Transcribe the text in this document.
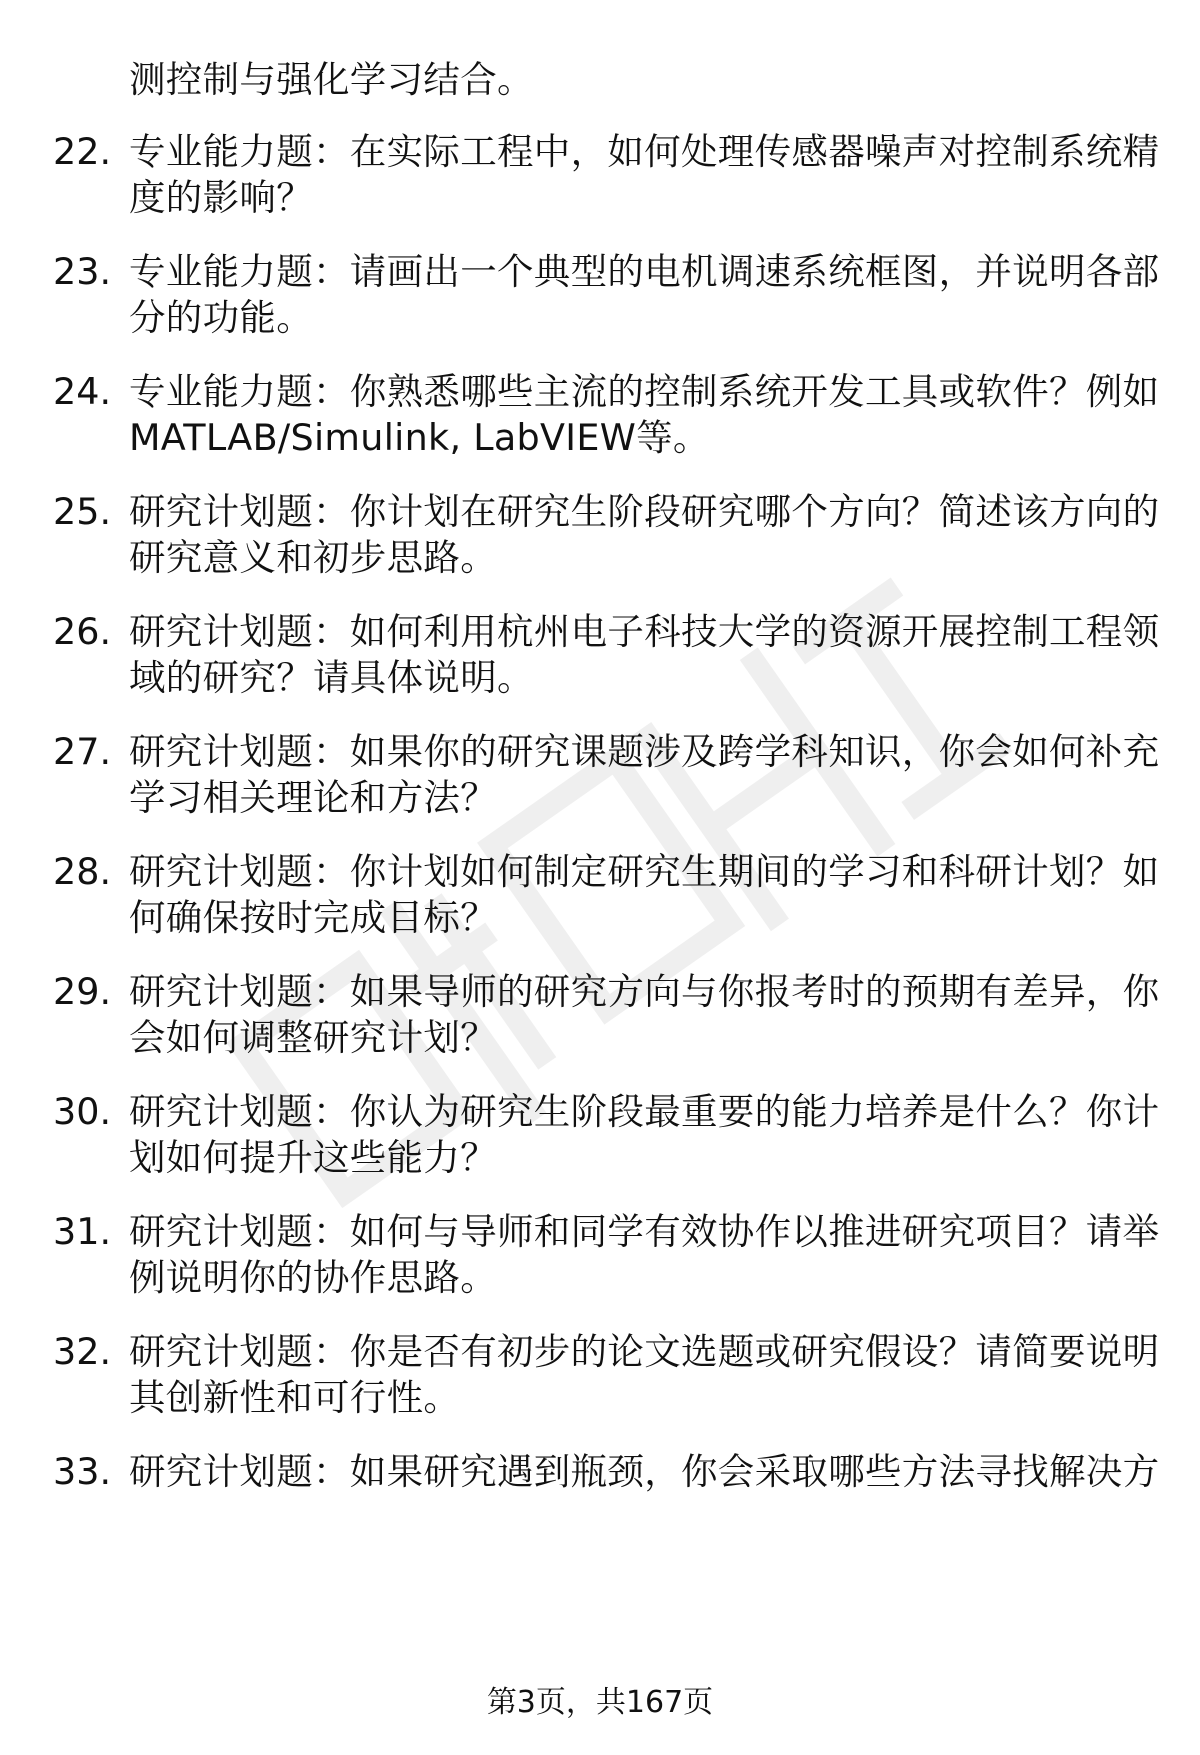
测控制与强化学习结合。
22. 专业能力题：在实际工程中，如何处理传感器噪声对控制系统精
度的影响？
23. 专业能力题：请画出一个典型的电机调速系统框图，并说明各部
分的功能。
24. 专业能力题：你熟悉哪些主流的控制系统开发工具或软件？例如
MATLAB/Simulink, LabVIEW等。
25. 研究计划题：你计划在研究生阶段研究哪个方向？简述该方向的
研究意义和初步思路。
26. 研究计划题：如何利用杭州电子科技大学的资源开展控制工程领
域的研究？请具体说明。
27. 研究计划题：如果你的研究课题涉及跨学科知识，你会如何补充
学习相关理论和方法？
28. 研究计划题：你计划如何制定研究生期间的学习和科研计划？如
何确保按时完成目标？
29. 研究计划题：如果导师的研究方向与你报考时的预期有差异，你
会如何调整研究计划？
30. 研究计划题：你认为研究生阶段最重要的能力培养是什么？你计
划如何提升这些能力？
31. 研究计划题：如何与导师和同学有效协作以推进研究项目？请举
例说明你的协作思路。
32. 研究计划题：你是否有初步的论文选题或研究假设？请简要说明
其创新性和可行性。
33. 研究计划题：如果研究遇到瓶颈，你会采取哪些方法寻找解决方
第3页，共167页
